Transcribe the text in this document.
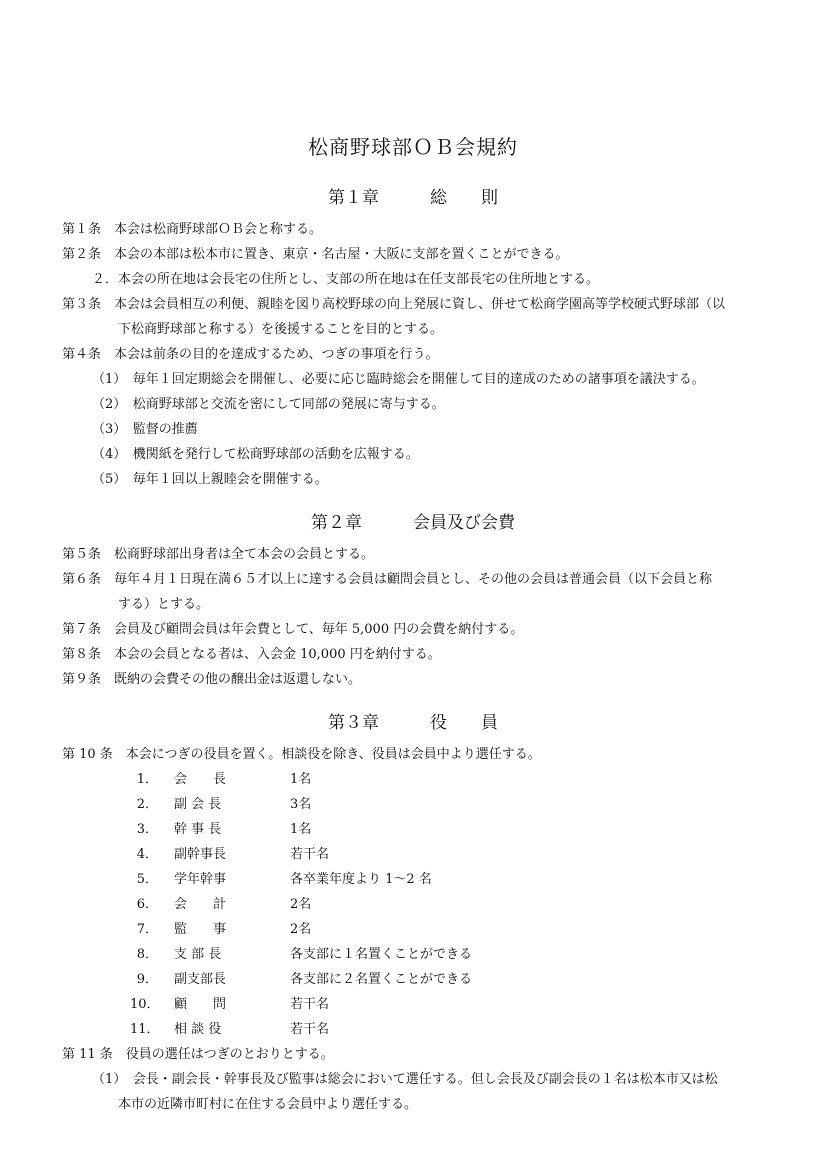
松商野球部ＯＢ会規約
第１章　　　総　　則
第１条　本会は松商野球部ＯＢ会と称する。
第２条　本会の本部は松本市に置き、東京・名古屋・大阪に支部を置くことができる。
２．本会の所在地は会長宅の住所とし、支部の所在地は在任支部長宅の住所地とする。
第３条　本会は会員相互の利便、親睦を図り高校野球の向上発展に資し、併せて松商学園高等学校硬式野球部（以
下松商野球部と称する）を後援することを目的とする。
第４条　本会は前条の目的を達成するため、つぎの事項を行う。
（1）　毎年１回定期総会を開催し、必要に応じ臨時総会を開催して目的達成のための諸事項を議決する。
（2）　松商野球部と交流を密にして同部の発展に寄与する。
（3）　監督の推薦
（4）　機関紙を発行して松商野球部の活動を広報する。
（5）　毎年１回以上親睦会を開催する。
第２章　　　会員及び会費
第５条　松商野球部出身者は全て本会の会員とする。
第６条　毎年４月１日現在満６５才以上に達する会員は顧問会員とし、その他の会員は普通会員（以下会員と称
する）とする。
第７条　会員及び顧問会員は年会費として、毎年 5,000 円の会費を納付する。
第８条　本会の会員となる者は、入会金 10,000 円を納付する。
第９条　既納の会費その他の醸出金は返還しない。
第３章　　　役　　員
第 10 条　本会につぎの役員を置く。相談役を除き、役員は会員中より選任する。
1． 会　　長	1名
2． 副 会 長	3名
3． 幹 事 長	1名
4． 副幹事長	若干名
5． 学年幹事	各卒業年度より 1～2 名
6． 会　　計	2名
7． 監　　事	2名
8． 支 部 長	各支部に１名置くことができる
9． 副支部長	各支部に２名置くことができる
10． 顧　　問	若干名
11． 相 談 役	若干名
第 11 条　役員の選任はつぎのとおりとする。
（1）　会長・副会長・幹事長及び監事は総会において選任する。但し会長及び副会長の１名は松本市又は松
本市の近隣市町村に在住する会員中より選任する。
